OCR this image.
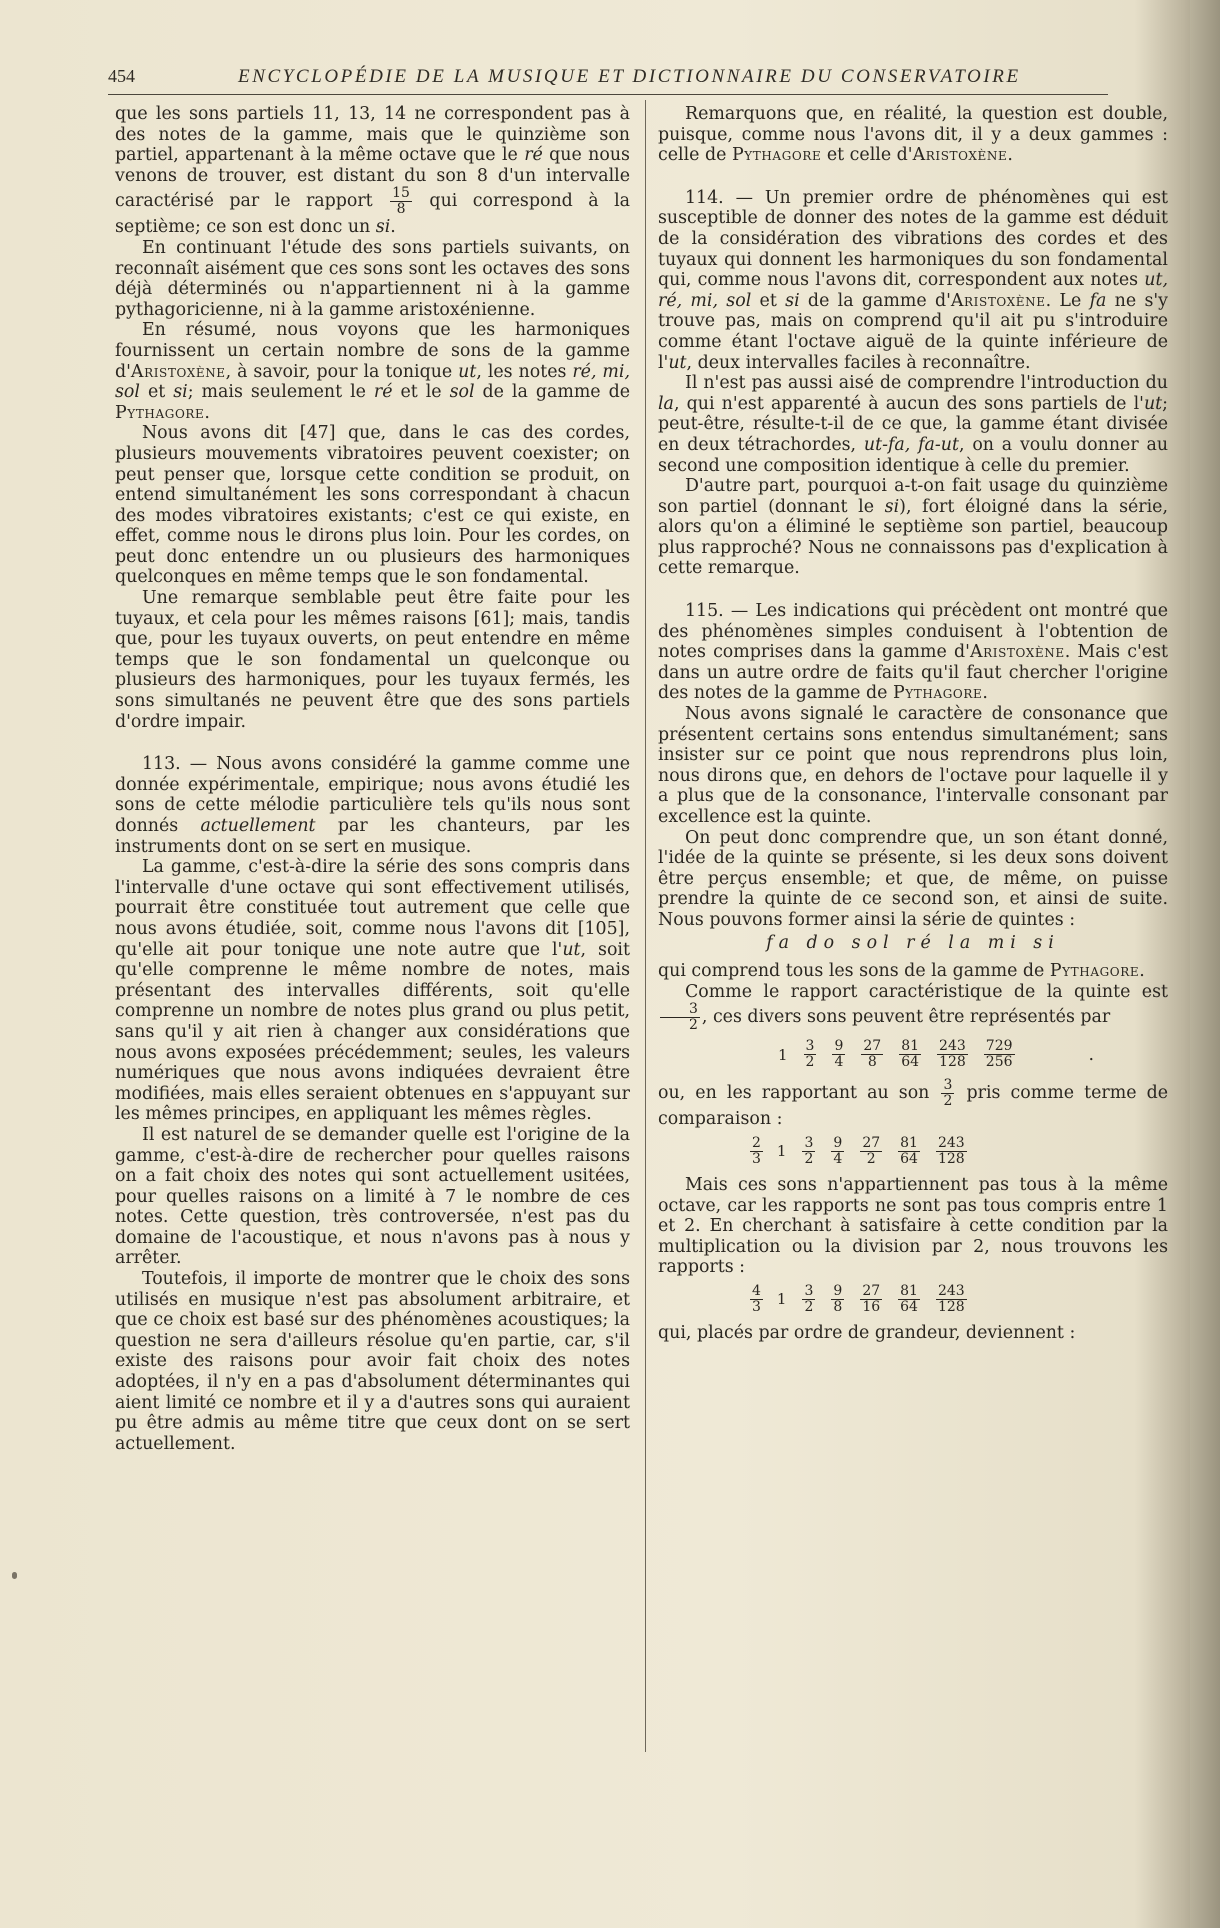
454	ENCYCLOPÉDIE DE LA MUSIQUE ET DICTIONNAIRE DU CONSERVATOIRE

que les sons partiels 11, 13, 14 ne correspondent pas à des notes de la gamme, mais que le quinzième son partiel, appartenant à la même octave que le ré que nous venons de trouver, est distant du son 8 d'un intervalle caractérisé par le rapport $\frac{15}{8}$ qui correspond à la septième; ce son est donc un si.

En continuant l'étude des sons partiels suivants, on reconnaît aisément que ces sons sont les octaves des sons déjà déterminés ou n'appartiennent ni à la gamme pythagoricienne, ni à la gamme aristoxénienne.

En résumé, nous voyons que les harmoniques fournissent un certain nombre de sons de la gamme d'Aristoxène, à savoir, pour la tonique ut, les notes ré, mi, sol et si; mais seulement le ré et le sol de la gamme de Pythagore.

Nous avons dit [47] que, dans le cas des cordes, plusieurs mouvements vibratoires peuvent coexister; on peut penser que, lorsque cette condition se produit, on entend simultanément les sons correspondant à chacun des modes vibratoires existants; c'est ce qui existe, en effet, comme nous le dirons plus loin. Pour les cordes, on peut donc entendre un ou plusieurs des harmoniques quelconques en même temps que le son fondamental.

Une remarque semblable peut être faite pour les tuyaux, et cela pour les mêmes raisons [61]; mais, tandis que, pour les tuyaux ouverts, on peut entendre en même temps que le son fondamental un quelconque ou plusieurs des harmoniques, pour les tuyaux fermés, les sons simultanés ne peuvent être que des sons partiels d'ordre impair.

113. — Nous avons considéré la gamme comme une donnée expérimentale, empirique; nous avons étudié les sons de cette mélodie particulière tels qu'ils nous sont donnés actuellement par les chanteurs, par les instruments dont on se sert en musique.

La gamme, c'est-à-dire la série des sons compris dans l'intervalle d'une octave qui sont effectivement utilisés, pourrait être constituée tout autrement que celle que nous avons étudiée, soit, comme nous l'avons dit [105], qu'elle ait pour tonique une note autre que l'ut, soit qu'elle comprenne le même nombre de notes, mais présentant des intervalles différents, soit qu'elle comprenne un nombre de notes plus grand ou plus petit, sans qu'il y ait rien à changer aux considérations que nous avons exposées précédemment; seules, les valeurs numériques que nous avons indiquées devraient être modifiées, mais elles seraient obtenues en s'appuyant sur les mêmes principes, en appliquant les mêmes règles.

Il est naturel de se demander quelle est l'origine de la gamme, c'est-à-dire de rechercher pour quelles raisons on a fait choix des notes qui sont actuellement usitées, pour quelles raisons on a limité à 7 le nombre de ces notes. Cette question, très controversée, n'est pas du domaine de l'acoustique, et nous n'avons pas à nous y arrêter.

Toutefois, il importe de montrer que le choix des sons utilisés en musique n'est pas absolument arbitraire, et que ce choix est basé sur des phénomènes acoustiques; la question ne sera d'ailleurs résolue qu'en partie, car, s'il existe des raisons pour avoir fait choix des notes adoptées, il n'y en a pas d'absolument déterminantes qui aient limité ce nombre et il y a d'autres sons qui auraient pu être admis au même titre que ceux dont on se sert actuellement.

Remarquons que, en réalité, la question est double, puisque, comme nous l'avons dit, il y a deux gammes : celle de Pythagore et celle d'Aristoxène.

114. — Un premier ordre de phénomènes qui est susceptible de donner des notes de la gamme est déduit de la considération des vibrations des cordes et des tuyaux qui donnent les harmoniques du son fondamental qui, comme nous l'avons dit, correspondent aux notes ut, ré, mi, sol et si de la gamme d'Aristoxène. Le fa ne s'y trouve pas, mais on comprend qu'il ait pu s'introduire comme étant l'octave aiguë de la quinte inférieure de l'ut, deux intervalles faciles à reconnaître.

Il n'est pas aussi aisé de comprendre l'introduction du la, qui n'est apparenté à aucun des sons partiels de l'ut; peut-être, résulte-t-il de ce que, la gamme étant divisée en deux tétrachordes, ut-fa, fa-ut, on a voulu donner au second une composition identique à celle du premier.

D'autre part, pourquoi a-t-on fait usage du quinzième son partiel (donnant le si), fort éloigné dans la série, alors qu'on a éliminé le septième son partiel, beaucoup plus rapproché? Nous ne connaissons pas d'explication à cette remarque.

115. — Les indications qui précèdent ont montré que des phénomènes simples conduisent à l'obtention de notes comprises dans la gamme d'Aristoxène. Mais c'est dans un autre ordre de faits qu'il faut chercher l'origine des notes de la gamme de Pythagore.

Nous avons signalé le caractère de consonance que présentent certains sons entendus simultanément; sans insister sur ce point que nous reprendrons plus loin, nous dirons que, en dehors de l'octave pour laquelle il y a plus que de la consonance, l'intervalle consonant par excellence est la quinte.

On peut donc comprendre que, un son étant donné, l'idée de la quinte se présente, si les deux sons doivent être perçus ensemble; et que, de même, on puisse prendre la quinte de ce second son, et ainsi de suite. Nous pouvons former ainsi la série de quintes :

fa do sol ré la mi si

qui comprend tous les sons de la gamme de Pythagore.

Comme le rapport caractéristique de la quinte est
$\frac{3}{2}$ , ces divers sons peuvent être représentés par

$1 \frac{3}{2} \frac{9}{4} \frac{27}{8} \frac{81}{64} \frac{243}{128} \frac{729}{256}$	.

ou, en les rapportant au son $\frac{3}{2}$ pris comme terme de comparaison :

$\frac{2}{3} 1 \frac{3}{2} \frac{9}{4} \frac{27}{2} \frac{81}{64} \frac{243}{128}$

Mais ces sons n'appartiennent pas tous à la même octave, car les rapports ne sont pas tous compris entre 1 et 2. En cherchant à satisfaire à cette condition par la multiplication ou la division par 2, nous trouvons les rapports :

$\frac{4}{3} 1 \frac{3}{2} \frac{9}{8} \frac{27}{16} \frac{81}{64} \frac{243}{128}$

qui, placés par ordre de grandeur, deviennent :
